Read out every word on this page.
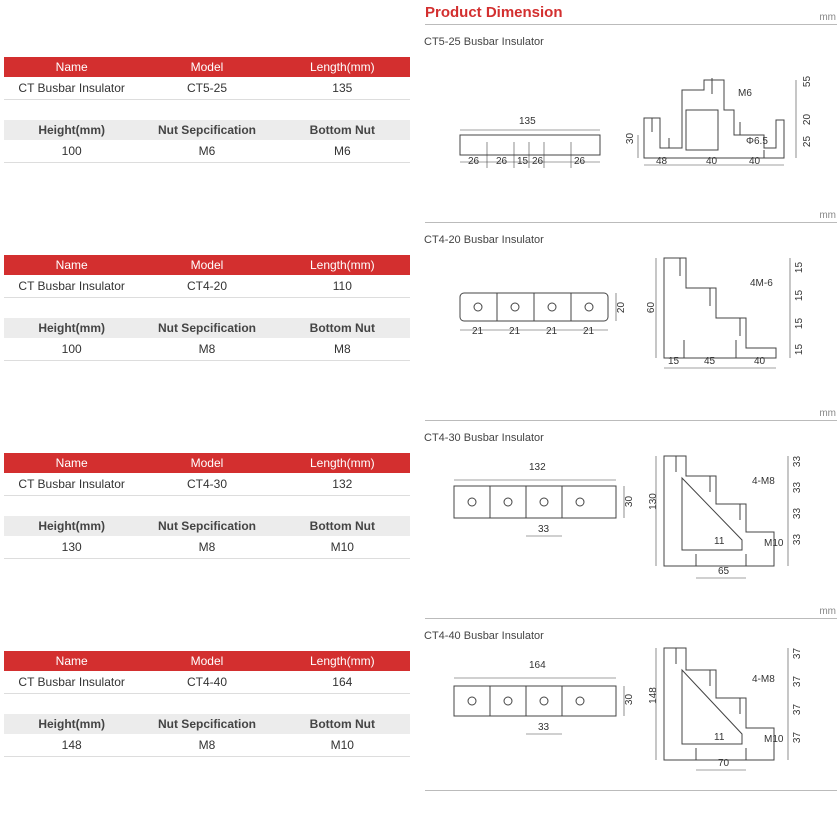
Product Dimension	mm
Name	Model	Length(mm)
CT Busbar Insulator	CT5-25	135
Height(mm)	Nut Sepcification	Bottom Nut
100	M6	M6
CT5-25 Busbar Insulator
135
30
26 26 15 26	26
M6
55
20
25
Φ6.5
48	40	40
mm
Name	Model	Length(mm)
CT Busbar Insulator	CT4-20	110
Height(mm)	Nut Sepcification	Bottom Nut
100	M8	M8
CT4-20 Busbar Insulator
20
21	21	21	21
60
4M-6
15
15
15
15
15 45	40
mm
Name	Model	Length(mm)
CT Busbar Insulator	CT4-30	132
Height(mm)	Nut Sepcification	Bottom Nut
130	M8	M10
CT4-30 Busbar Insulator
132
30
33
130
4-M8
33
33
33
33
11	M10
65
mm
Name	Model	Length(mm)
CT Busbar Insulator	CT4-40	164
Height(mm)	Nut Sepcification	Bottom Nut
148	M8	M10
CT4-40 Busbar Insulator
164
30
33
148
4-M8
37
37
37
37
11	M10
70
